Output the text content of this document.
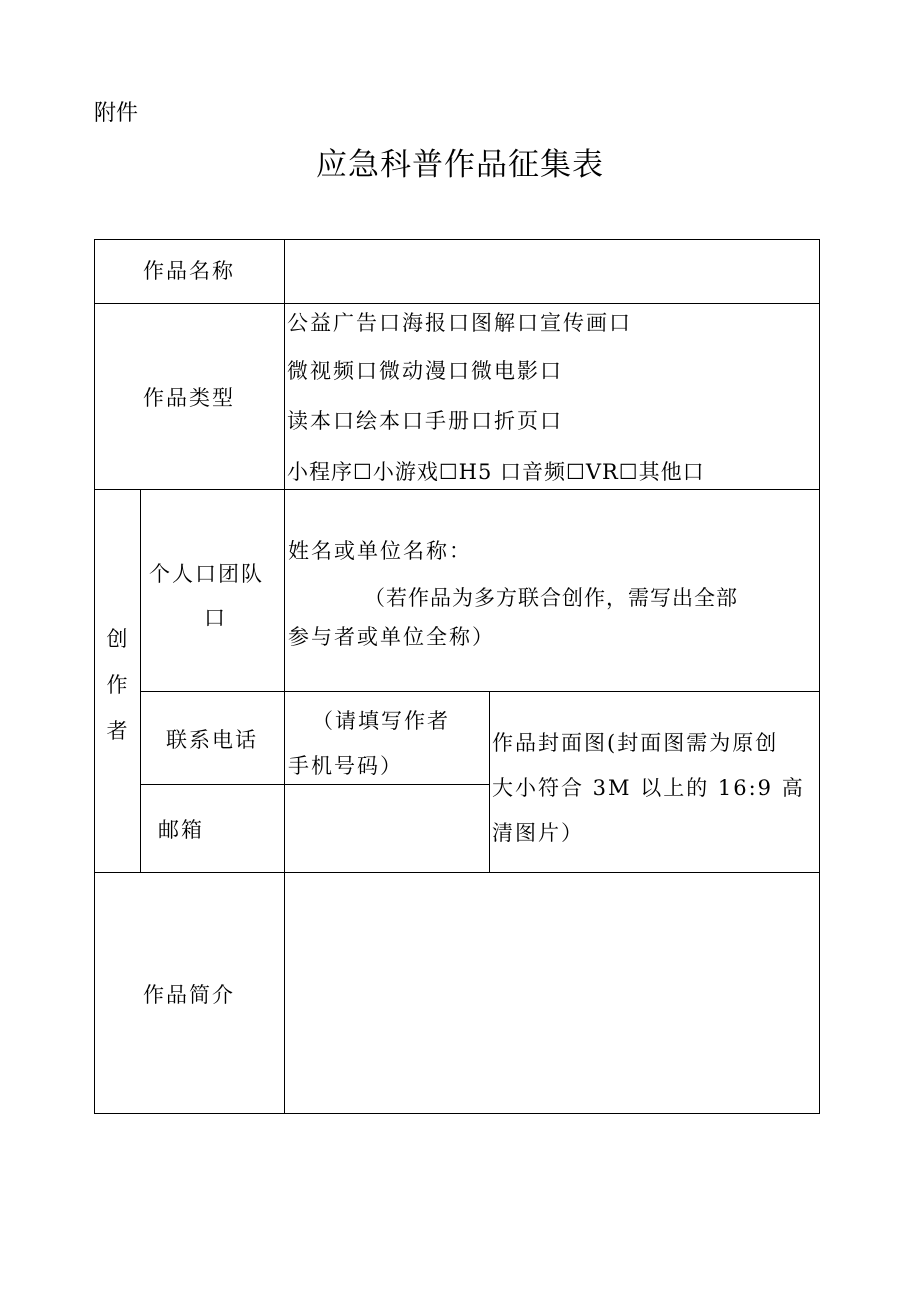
附件
应急科普作品征集表
作品名称
作品类型
公益广告口海报口图解口宣传画口
微视频口微动漫口微电影口
读本口绘本口手册口折页口
小程序☐小游戏☐H5 口音频☐VR☐其他口
创
作
者
个人口团队
口
姓名或单位名称：
（若作品为多方联合创作，需写出全部
参与者或单位全称）
联系电话
（请填写作者
手机号码）
邮箱
作品封面图(封面图需为原创
大小符合 3M 以上的 16:9 高
清图片）
作品简介
